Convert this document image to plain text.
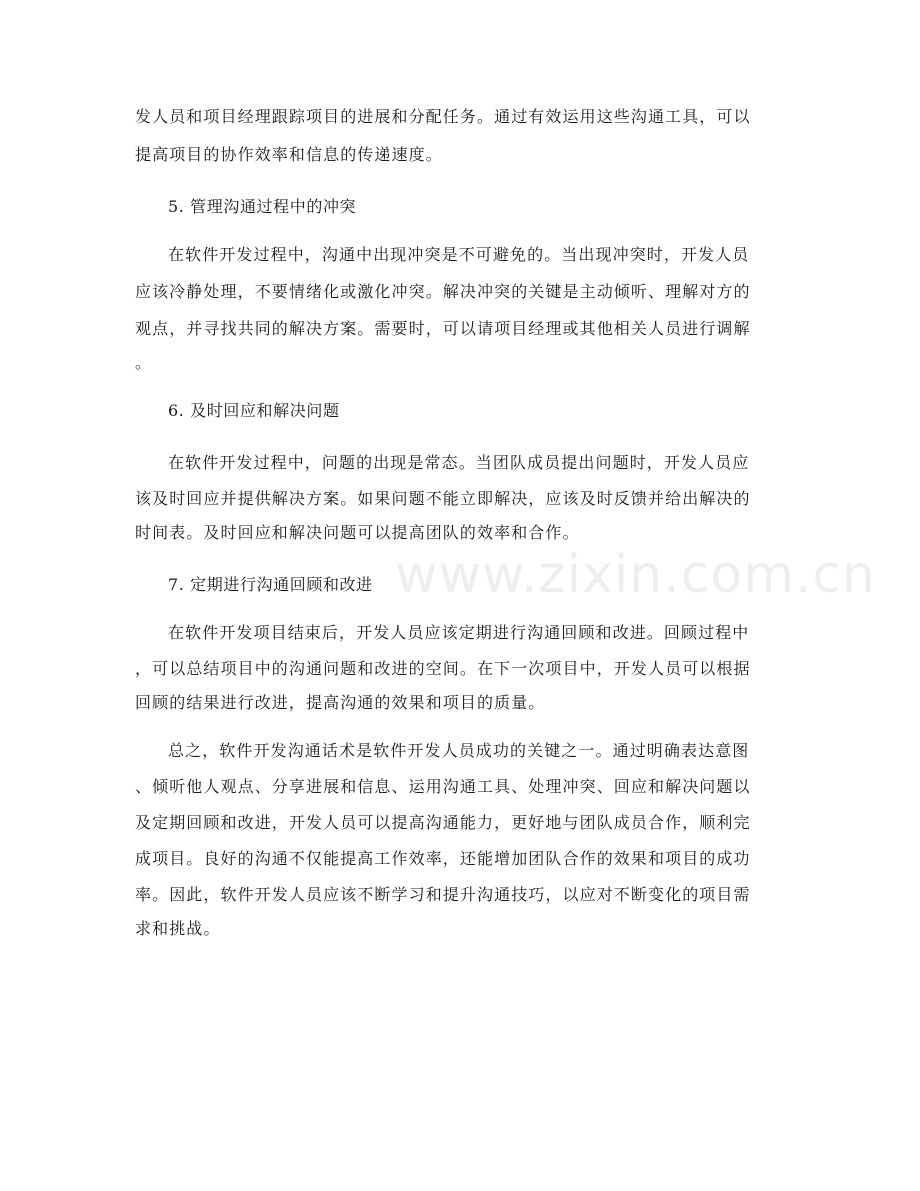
发人员和项目经理跟踪项目的进展和分配任务。通过有效运用这些沟通工具，可以
提高项目的协作效率和信息的传递速度。
5. 管理沟通过程中的冲突
在软件开发过程中，沟通中出现冲突是不可避免的。当出现冲突时，开发人员
应该冷静处理，不要情绪化或激化冲突。解决冲突的关键是主动倾听、理解对方的
观点，并寻找共同的解决方案。需要时，可以请项目经理或其他相关人员进行调解
。
6. 及时回应和解决问题
在软件开发过程中，问题的出现是常态。当团队成员提出问题时，开发人员应
该及时回应并提供解决方案。如果问题不能立即解决，应该及时反馈并给出解决的
时间表。及时回应和解决问题可以提高团队的效率和合作。
7. 定期进行沟通回顾和改进
在软件开发项目结束后，开发人员应该定期进行沟通回顾和改进。回顾过程中
，可以总结项目中的沟通问题和改进的空间。在下一次项目中，开发人员可以根据
回顾的结果进行改进，提高沟通的效果和项目的质量。
总之，软件开发沟通话术是软件开发人员成功的关键之一。通过明确表达意图
、倾听他人观点、分享进展和信息、运用沟通工具、处理冲突、回应和解决问题以
及定期回顾和改进，开发人员可以提高沟通能力，更好地与团队成员合作，顺利完
成项目。良好的沟通不仅能提高工作效率，还能增加团队合作的效果和项目的成功
率。因此，软件开发人员应该不断学习和提升沟通技巧，以应对不断变化的项目需
求和挑战。
www.zixin.com.cn
